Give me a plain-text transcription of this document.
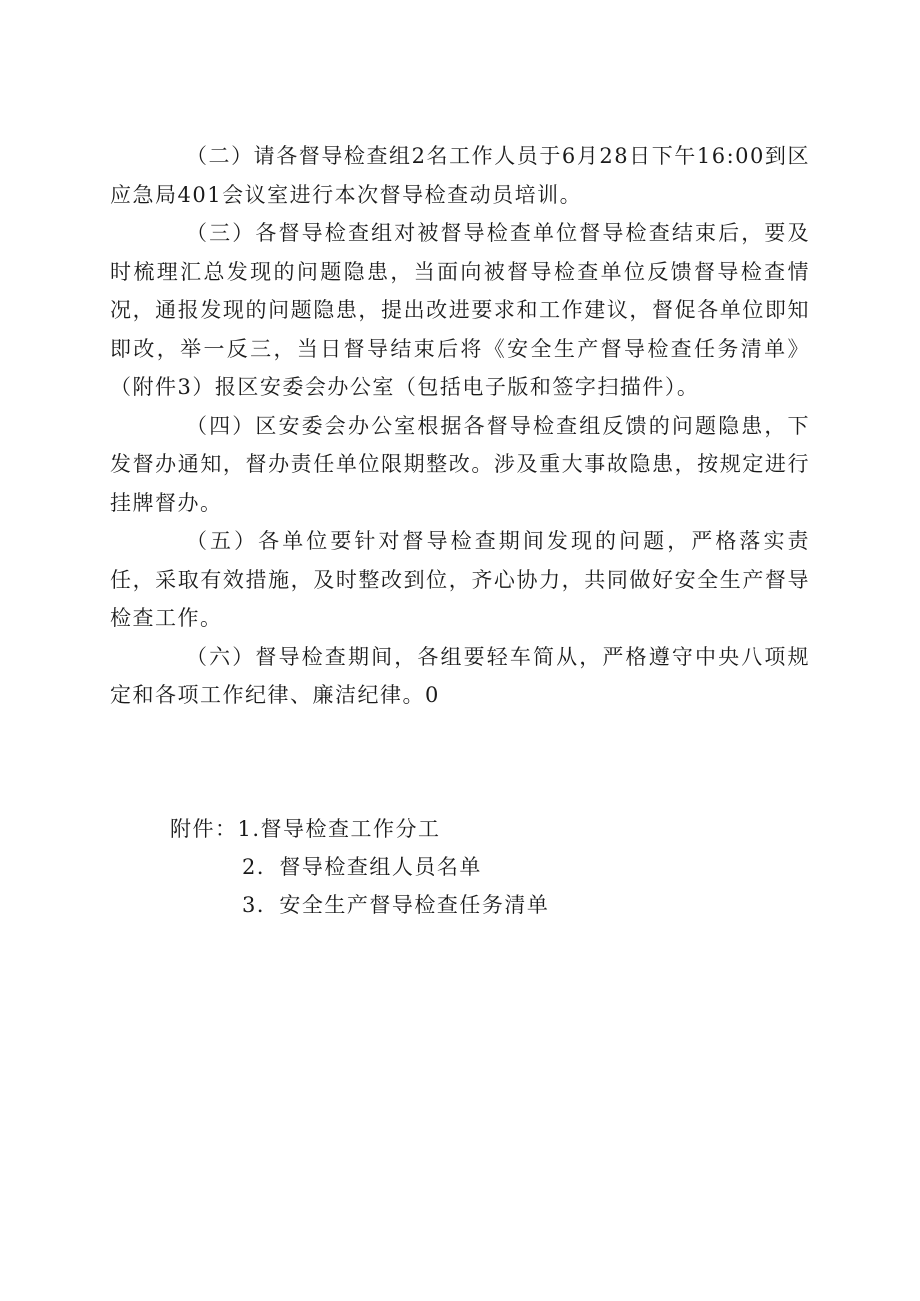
（二）请各督导检查组2名工作人员于6月28日下午16:00到区应急局401会议室进行本次督导检查动员培训。

（三）各督导检查组对被督导检查单位督导检查结束后，要及时梳理汇总发现的问题隐患，当面向被督导检查单位反馈督导检查情况，通报发现的问题隐患，提出改进要求和工作建议，督促各单位即知即改，举一反三，当日督导结束后将《安全生产督导检查任务清单》（附件3）报区安委会办公室（包括电子版和签字扫描件）。

（四）区安委会办公室根据各督导检查组反馈的问题隐患，下发督办通知，督办责任单位限期整改。涉及重大事故隐患，按规定进行挂牌督办。

（五）各单位要针对督导检查期间发现的问题，严格落实责任，采取有效措施，及时整改到位，齐心协力，共同做好安全生产督导检查工作。

（六）督导检查期间，各组要轻车简从，严格遵守中央八项规定和各项工作纪律、廉洁纪律。0

附件：1.督导检查工作分工

2．督导检查组人员名单

3．安全生产督导检查任务清单
